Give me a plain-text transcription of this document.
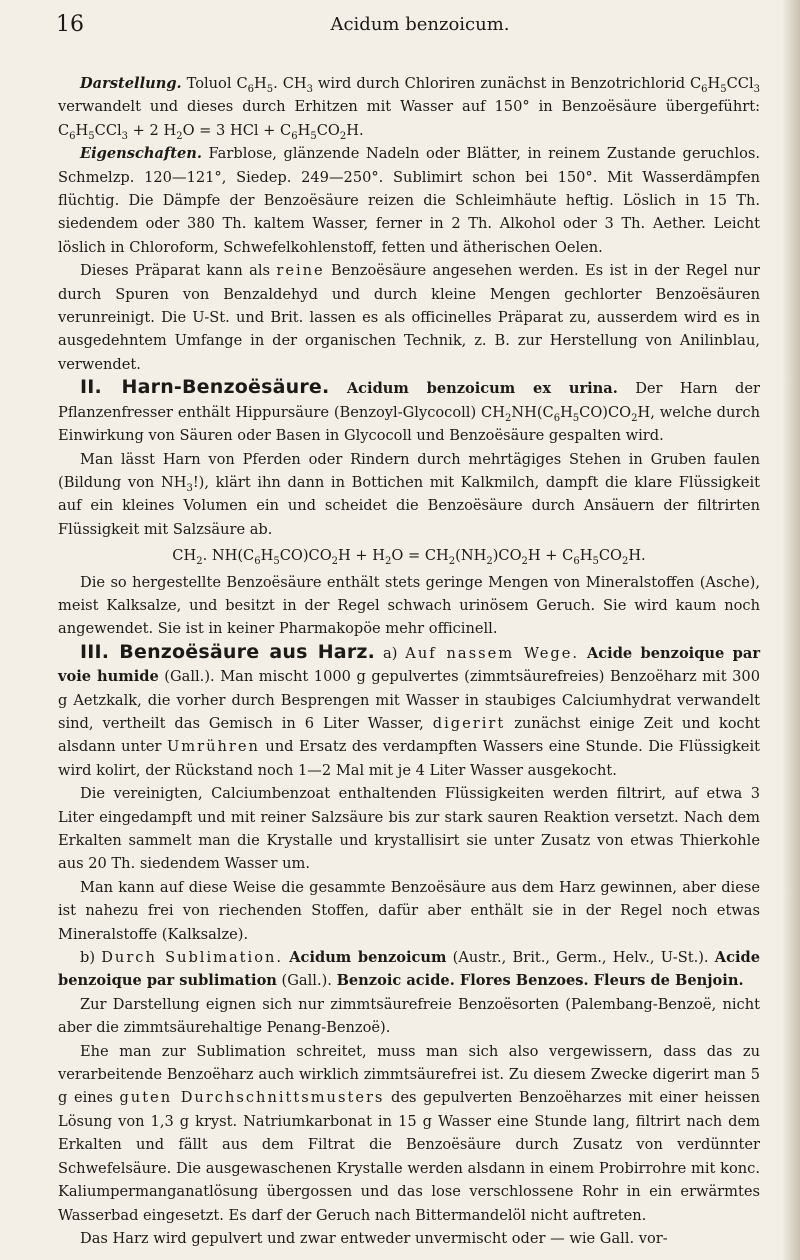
16	Acidum benzoicum.

Darstellung. Toluol $C_6H_5$. $CH_3$ wird durch Chloriren zunächst in Benzotrichlorid $C_6H_5CCl_3$ verwandelt und dieses durch Erhitzen mit Wasser auf 150° in Benzoësäure übergeführt: $C_6H_5CCl_3 + 2$ $H_2O = 3$ HCl + $C_6H_5CO_2H$.

Eigenschaften. Farblose, glänzende Nadeln oder Blätter, in reinem Zustande geruchlos. Schmelzp. 120—121°, Siedep. 249—250°. Sublimirt schon bei 150°. Mit Wasserdämpfen flüchtig. Die Dämpfe der Benzoësäure reizen die Schleimhäute heftig. Löslich in 15 Th. siedendem oder 380 Th. kaltem Wasser, ferner in 2 Th. Alkohol oder 3 Th. Aether. Leicht löslich in Chloroform, Schwefelkohlenstoff, fetten und ätherischen Oelen.

Dieses Präparat kann als reine Benzoësäure angesehen werden. Es ist in der Regel nur durch Spuren von Benzaldehyd und durch kleine Mengen gechlorter Benzoësäuren verunreinigt. Die U-St. und Brit. lassen es als officinelles Präparat zu, ausserdem wird es in ausgedehntem Umfange in der organischen Technik, z. B. zur Herstellung von Anilinblau, verwendet.

II. Harn-Benzoësäure. Acidum benzoicum ex urina. Der Harn der Pflanzenfresser enthält Hippursäure (Benzoyl-Glycocoll) $CH_2NH(C_6H_5CO)CO_2H$, welche durch Einwirkung von Säuren oder Basen in Glycocoll und Benzoësäure gespalten wird.

Man lässt Harn von Pferden oder Rindern durch mehrtägiges Stehen in Gruben faulen (Bildung von $NH_3$!), klärt ihn dann in Bottichen mit Kalkmilch, dampft die klare Flüssigkeit auf ein kleines Volumen ein und scheidet die Benzoësäure durch Ansäuern der filtrirten Flüssigkeit mit Salzsäure ab.

$CH_2$. $NH(C_6H_5CO)CO_2H + H_2O = CH_2(NH_2)CO_2H + C_6H_5CO_2H$.

Die so hergestellte Benzoësäure enthält stets geringe Mengen von Mineralstoffen (Asche), meist Kalksalze, und besitzt in der Regel schwach urinösem Geruch. Sie wird kaum noch angewendet. Sie ist in keiner Pharmakopöe mehr officinell.

III. Benzoësäure aus Harz. a) Auf nassem Wege. Acide benzoique par voie humide (Gall.). Man mischt 1000 g gepulvertes (zimmtsäurefreies) Benzoëharz mit 300 g Aetzkalk, die vorher durch Besprengen mit Wasser in staubiges Calciumhydrat verwandelt sind, vertheilt das Gemisch in 6 Liter Wasser, digerirt zunächst einige Zeit und kocht alsdann unter Umrühren und Ersatz des verdampften Wassers eine Stunde. Die Flüssigkeit wird kolirt, der Rückstand noch 1—2 Mal mit je 4 Liter Wasser ausgekocht.

Die vereinigten, Calciumbenzoat enthaltenden Flüssigkeiten werden filtrirt, auf etwa 3 Liter eingedampft und mit reiner Salzsäure bis zur stark sauren Reaktion versetzt. Nach dem Erkalten sammelt man die Krystalle und krystallisirt sie unter Zusatz von etwas Thierkohle aus 20 Th. siedendem Wasser um.

Man kann auf diese Weise die gesammte Benzoësäure aus dem Harz gewinnen, aber diese ist nahezu frei von riechenden Stoffen, dafür aber enthält sie in der Regel noch etwas Mineralstoffe (Kalksalze).

b) Durch Sublimation. Acidum benzoicum (Austr., Brit., Germ., Helv., U-St.). Acide benzoique par sublimation (Gall.). Benzoic acide. Flores Benzoes. Fleurs de Benjoin.

Zur Darstellung eignen sich nur zimmtsäurefreie Benzoësorten (Palembang-Benzoë, nicht aber die zimmtsäurehaltige Penang-Benzoë).

Ehe man zur Sublimation schreitet, muss man sich also vergewissern, dass das zu verarbeitende Benzoëharz auch wirklich zimmtsäurefrei ist. Zu diesem Zwecke digerirt man 5 g eines guten Durchschnittsmusters des gepulverten Benzoëharzes mit einer heissen Lösung von 1,3 g kryst. Natriumkarbonat in 15 g Wasser eine Stunde lang, filtrirt nach dem Erkalten und fällt aus dem Filtrat die Benzoësäure durch Zusatz von verdünnter Schwefelsäure. Die ausgewaschenen Krystalle werden alsdann in einem Probirrohre mit konc. Kaliumpermanganatlösung übergossen und das lose verschlossene Rohr in ein erwärmtes Wasserbad eingesetzt. Es darf der Geruch nach Bittermandelöl nicht auftreten.

Das Harz wird gepulvert und zwar entweder unvermischt oder — wie Gall. vor-
